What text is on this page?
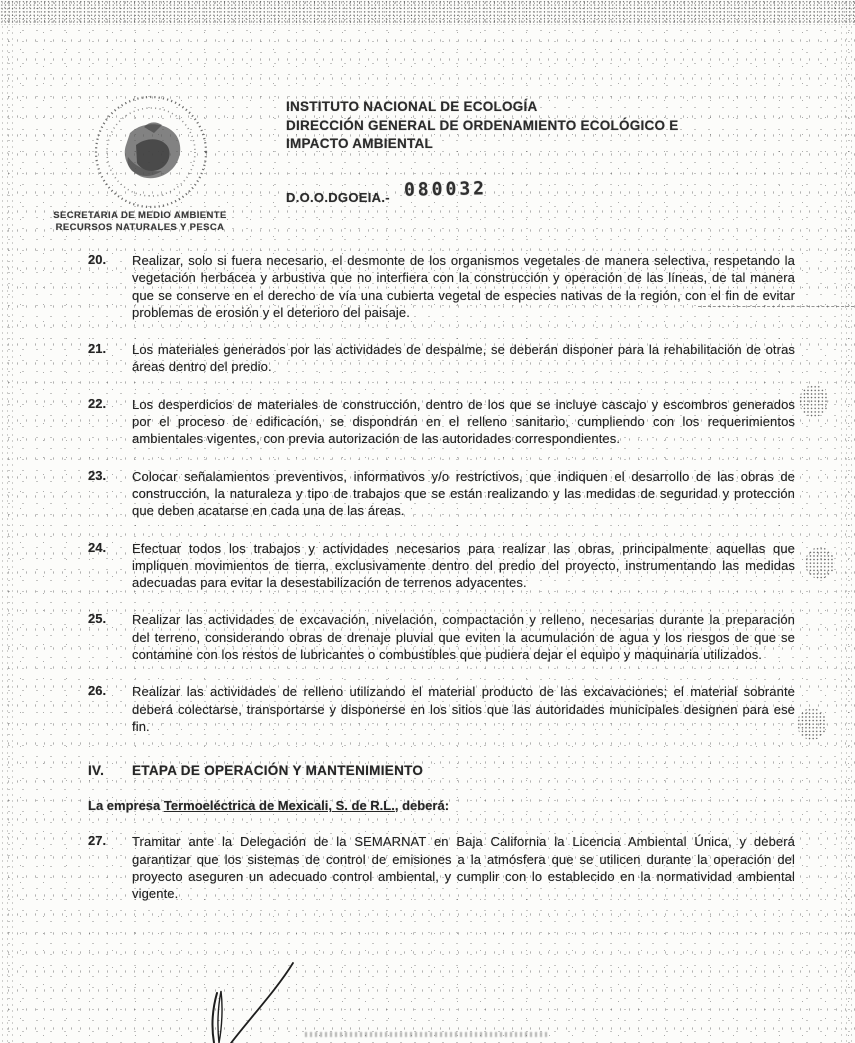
SECRETARIA DE MEDIO AMBIENTE
RECURSOS NATURALES Y PESCA
INSTITUTO NACIONAL DE ECOLOGÍA
DIRECCIÓN GENERAL DE ORDENAMIENTO ECOLÓGICO E
IMPACTO AMBIENTAL
D.O.O.DGOEIA.- 080032
20.	Realizar, solo si fuera necesario, el desmonte de los organismos vegetales de manera selectiva, respetando la vegetación herbácea y arbustiva que no interfiera con la construcción y operación de las líneas, de tal manera que se conserve en el derecho de vía una cubierta vegetal de especies nativas de la región, con el fin de evitar problemas de erosión y el deterioro del paisaje.
21.	Los materiales generados por las actividades de despalme, se deberán disponer para la rehabilitación de otras áreas dentro del predio.
22.	Los desperdicios de materiales de construcción, dentro de los que se incluye cascajo y escombros generados por el proceso de edificación, se dispondrán en el relleno sanitario, cumpliendo con los requerimientos ambientales vigentes, con previa autorización de las autoridades correspondientes.
23.	Colocar señalamientos preventivos, informativos y/o restrictivos, que indiquen el desarrollo de las obras de construcción, la naturaleza y tipo de trabajos que se están realizando y las medidas de seguridad y protección que deben acatarse en cada una de las áreas.
24.	Efectuar todos los trabajos y actividades necesarios para realizar las obras, principalmente aquellas que impliquen movimientos de tierra, exclusivamente dentro del predio del proyecto, instrumentando las medidas adecuadas para evitar la desestabilización de terrenos adyacentes.
25.	Realizar las actividades de excavación, nivelación, compactación y relleno, necesarias durante la preparación del terreno, considerando obras de drenaje pluvial que eviten la acumulación de agua y los riesgos de que se contamine con los restos de lubricantes o combustibles que pudiera dejar el equipo y maquinaria utilizados.
26.	Realizar las actividades de relleno utilizando el material producto de las excavaciones; el material sobrante deberá colectarse, transportarse y disponerse en los sitios que las autoridades municipales designen para ese fin.
IV.	ETAPA DE OPERACIÓN Y MANTENIMIENTO
La empresa Termoeléctrica de Mexicali, S. de R.L., deberá:
27.	Tramitar ante la Delegación de la SEMARNAT en Baja California la Licencia Ambiental Única, y deberá garantizar que los sistemas de control de emisiones a la atmósfera que se utilicen durante la operación del proyecto aseguren un adecuado control ambiental, y cumplir con lo establecido en la normatividad ambiental vigente.
